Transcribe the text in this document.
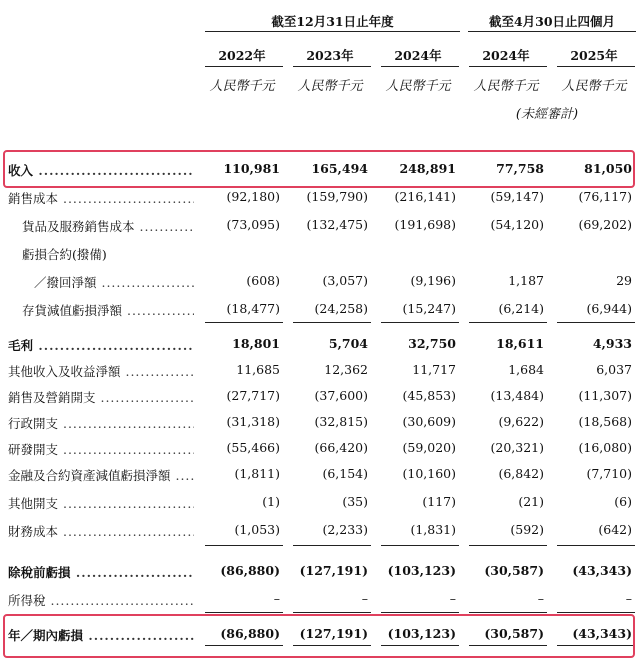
截至12月31日止年度	截至4月30日止四個月
2022年	2023年	2024年	2024年	2025年
人民幣千元	人民幣千元	人民幣千元	人民幣千元	人民幣千元
(未經審計)
收入 .....	110,981	165,494	248,891	77,758	81,050
銷售成本 .....	(92,180)	(159,790)	(216,141)	(59,147)	(76,117)
貨品及服務銷售成本 .....	(73,095)	(132,475)	(191,698)	(54,120)	(69,202)
虧損合約(撥備)
／撥回淨額 .....	(608)	(3,057)	(9,196)	1,187	29
存貨減值虧損淨額 .....	(18,477)	(24,258)	(15,247)	(6,214)	(6,944)
毛利 .....	18,801	5,704	32,750	18,611	4,933
其他收入及收益淨額 .....	11,685	12,362	11,717	1,684	6,037
銷售及營銷開支 .....	(27,717)	(37,600)	(45,853)	(13,484)	(11,307)
行政開支 .....	(31,318)	(32,815)	(30,609)	(9,622)	(18,568)
研發開支 .....	(55,466)	(66,420)	(59,020)	(20,321)	(16,080)
金融及合約資產減值虧損淨額 .....	(1,811)	(6,154)	(10,160)	(6,842)	(7,710)
其他開支 .....	(1)	(35)	(117)	(21)	(6)
財務成本 .....	(1,053)	(2,233)	(1,831)	(592)	(642)
除稅前虧損 .....	(86,880)	(127,191)	(103,123)	(30,587)	(43,343)
所得稅 .....	–	–	–	–	–
年／期內虧損 .....	(86,880)	(127,191)	(103,123)	(30,587)	(43,343)
